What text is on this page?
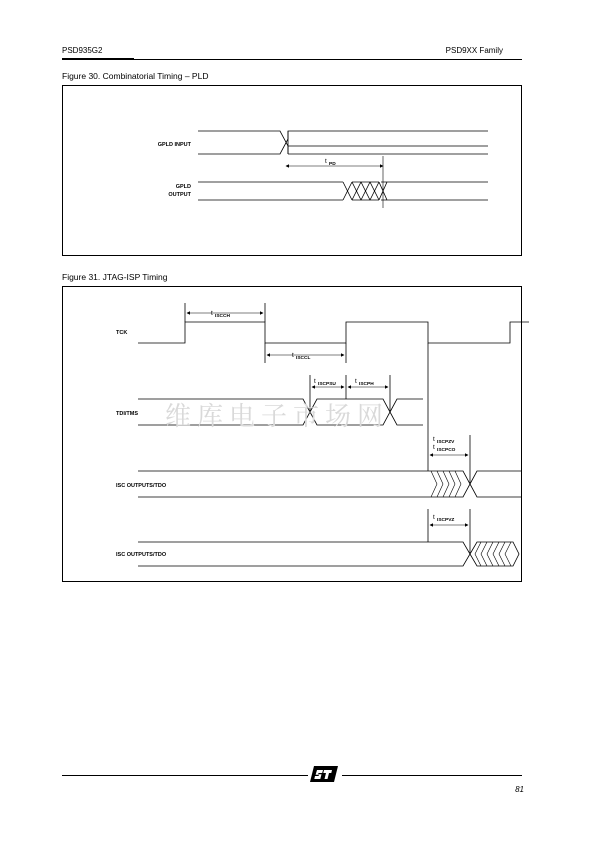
PSD935G2	PSD9XX Family
Figure 30. Combinatorial Timing – PLD
t PD
GPLD INPUT
GPLD
OUTPUT
Figure 31. JTAG-ISP Timing
t ISCCH
t ISCCL
t ISCPSU	t ISCPH
t ISCPZV
t ISCPCO
t ISCPVZ
TCK
TDI/TMS
ISC OUTPUTS/TDO
ISC OUTPUTS/TDO
维库电子市场网
81
